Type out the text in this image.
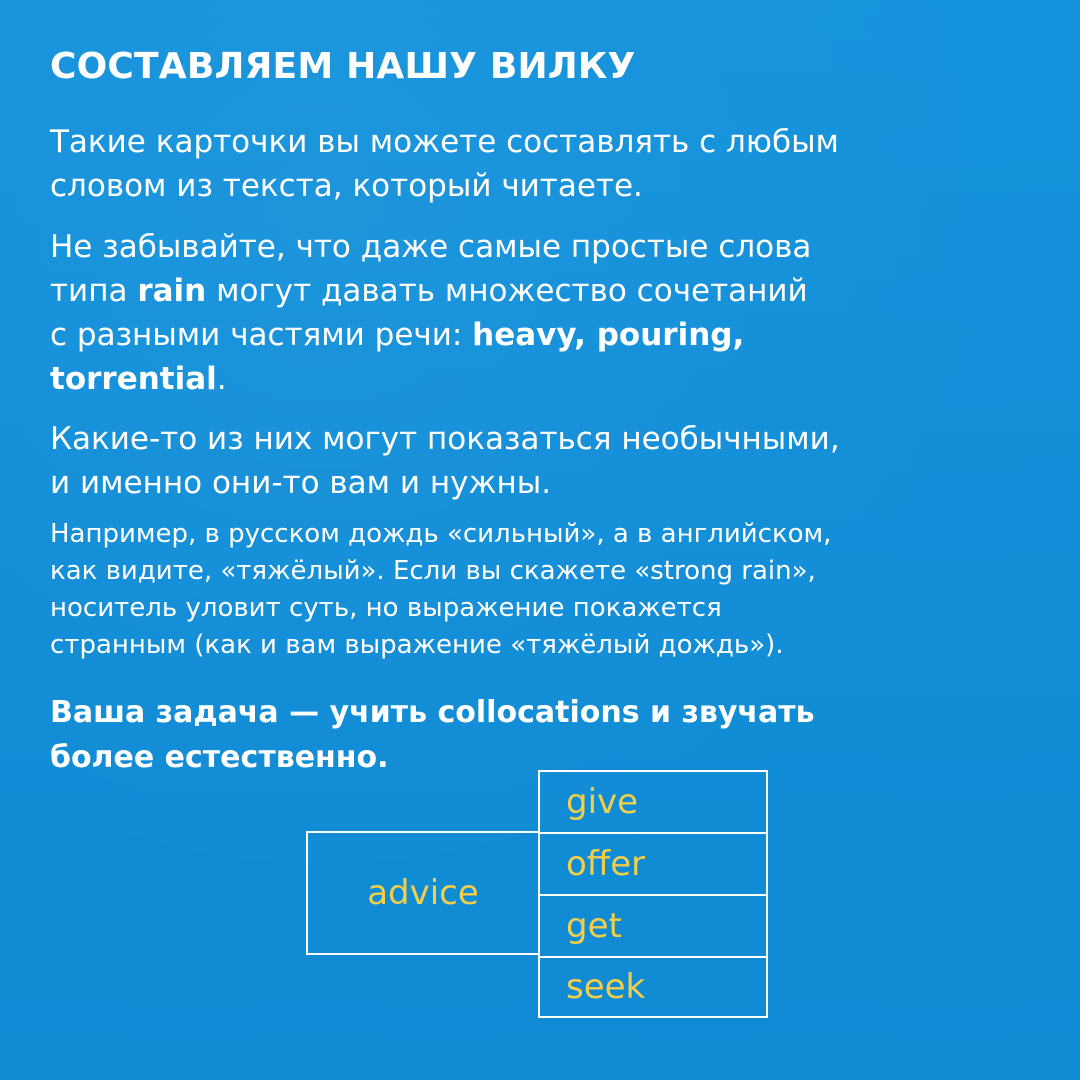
СОСТАВЛЯЕМ НАШУ ВИЛКУ

Такие карточки вы можете составлять с любым
словом из текста, который читаете.

Не забывайте, что даже самые простые слова
типа rain могут давать множество сочетаний
с разными частями речи: heavy, pouring,
torrential.

Какие-то из них могут показаться необычными,
и именно они-то вам и нужны.

Например, в русском дождь «сильный», а в английском,
как видите, «тяжёлый». Если вы скажете «strong rain»,
носитель уловит суть, но выражение покажется
странным (как и вам выражение «тяжёлый дождь»).

Ваша задача — учить collocations и звучать
более естественно.

advice
give
offer
get
seek
